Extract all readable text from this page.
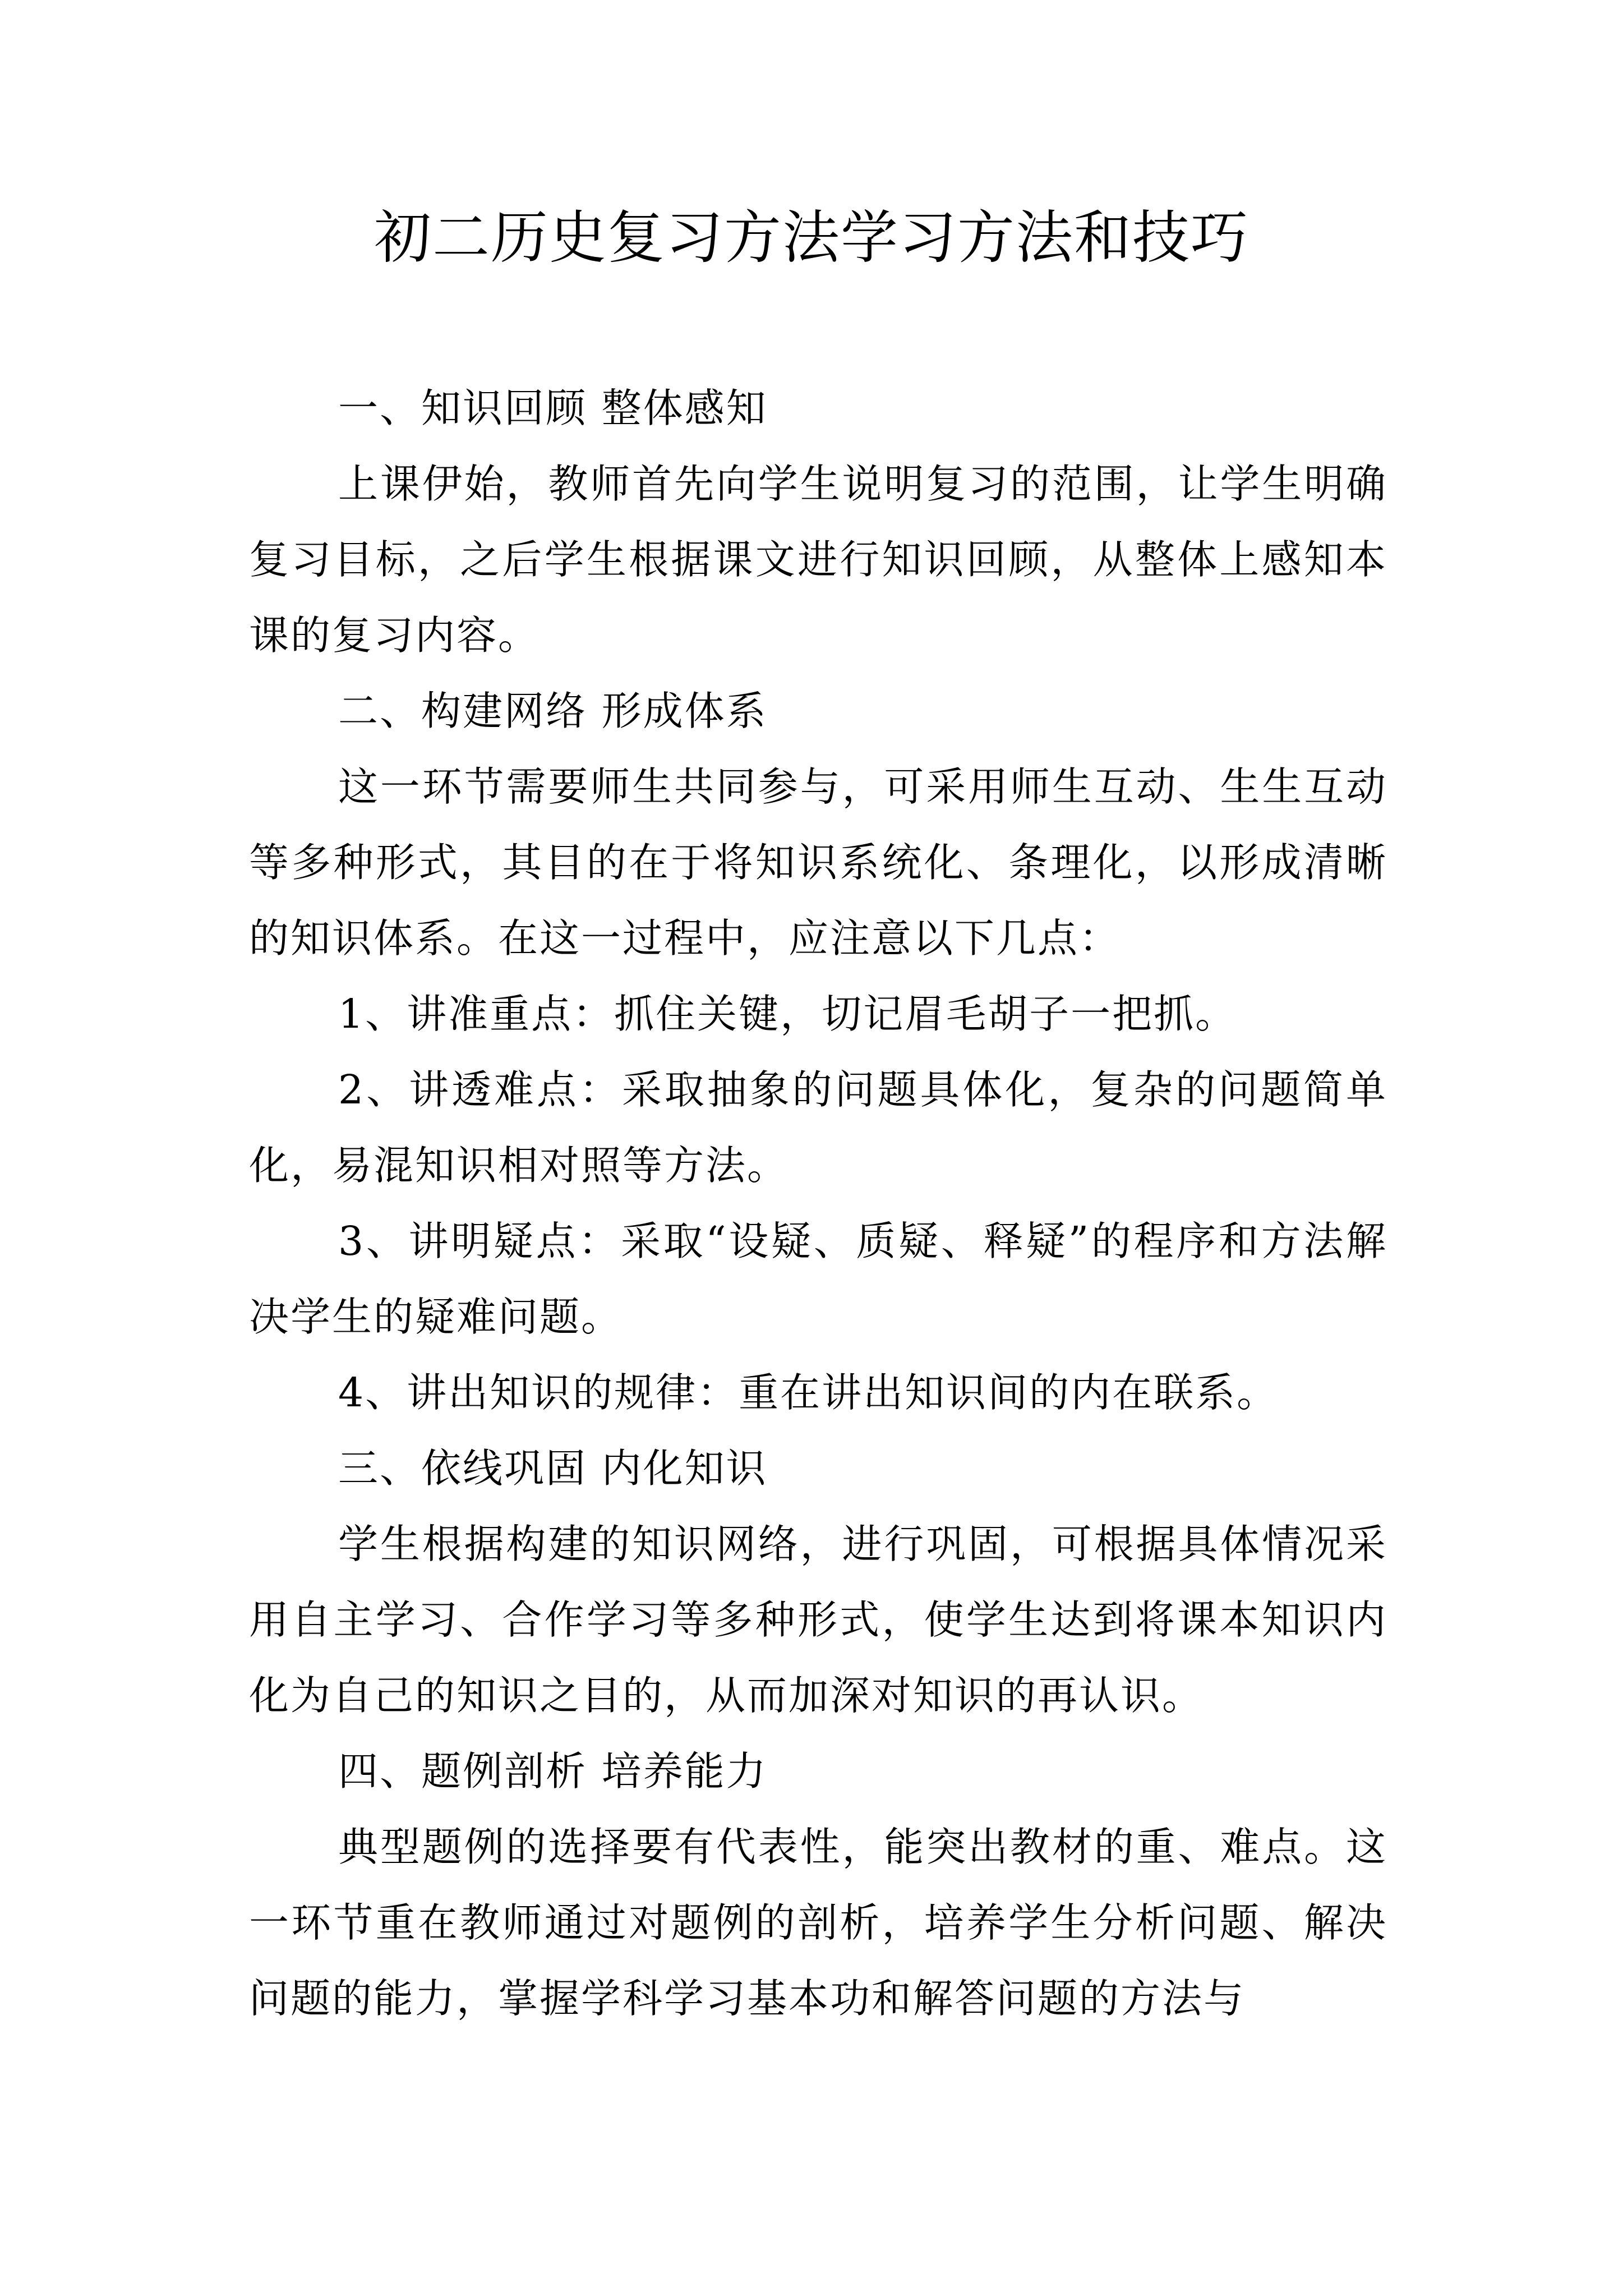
初二历史复习方法学习方法和技巧

一、知识回顾 整体感知

上课伊始，教师首先向学生说明复习的范围，让学生明确复习目标，之后学生根据课文进行知识回顾，从整体上感知本课的复习内容。

二、构建网络 形成体系

这一环节需要师生共同参与，可采用师生互动、生生互动等多种形式，其目的在于将知识系统化、条理化，以形成清晰的知识体系。在这一过程中，应注意以下几点：

1、讲准重点：抓住关键，切记眉毛胡子一把抓。

2、讲透难点：采取抽象的问题具体化，复杂的问题简单化，易混知识相对照等方法。

3、讲明疑点：采取“设疑、质疑、释疑”的程序和方法解决学生的疑难问题。

4、讲出知识的规律：重在讲出知识间的内在联系。

三、依线巩固 内化知识

学生根据构建的知识网络，进行巩固，可根据具体情况采用自主学习、合作学习等多种形式，使学生达到将课本知识内化为自己的知识之目的，从而加深对知识的再认识。

四、题例剖析 培养能力

典型题例的选择要有代表性，能突出教材的重、难点。这一环节重在教师通过对题例的剖析，培养学生分析问题、解决问题的能力，掌握学科学习基本功和解答问题的方法与
